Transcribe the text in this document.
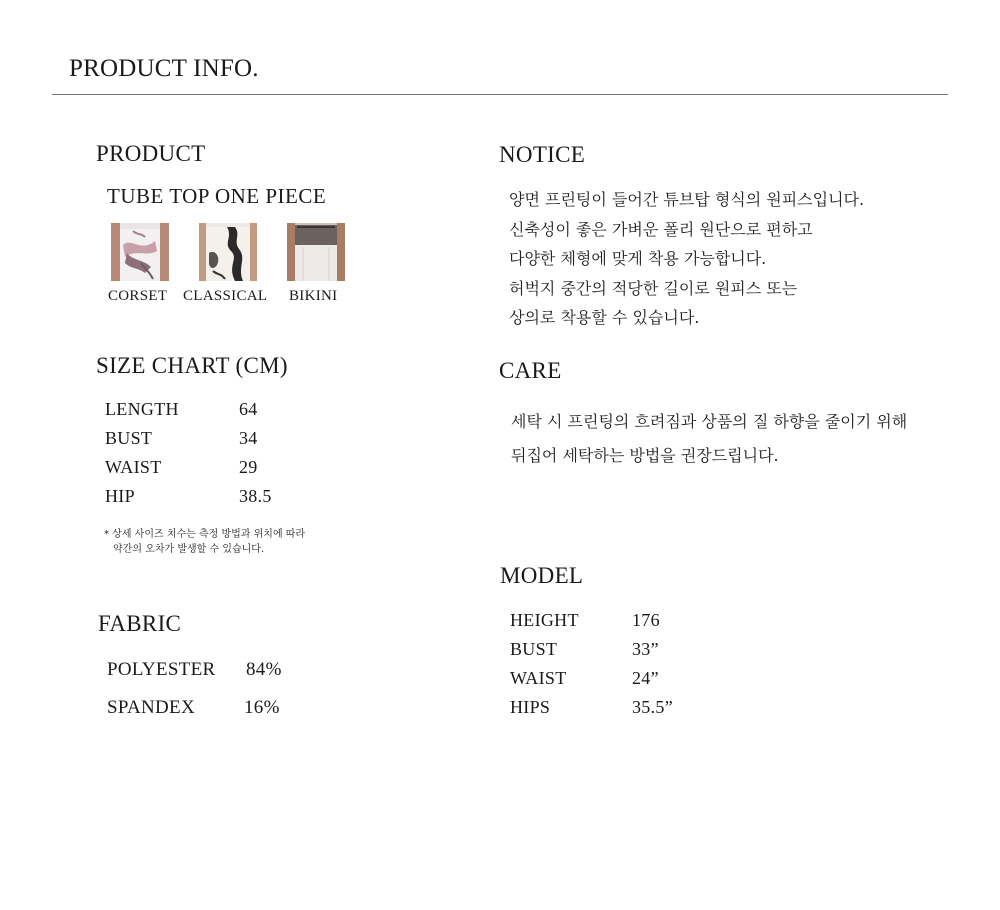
PRODUCT INFO.
PRODUCT
TUBE TOP ONE PIECE
CORSET CLASSICAL BIKINI
SIZE CHART (CM)
LENGTH	64
BUST	34
WAIST	29
HIP	38.5
* 상세 사이즈 치수는 측정 방법과 위치에 따라
약간의 오차가 발생할 수 있습니다.
FABRIC
POLYESTER 84%
SPANDEX	16%
NOTICE
양면 프린팅이 들어간 튜브탑 형식의 원피스입니다.
신축성이 좋은 가벼운 폴리 원단으로 편하고
다양한 체형에 맞게 착용 가능합니다.
허벅지 중간의 적당한 길이로 원피스 또는
상의로 착용할 수 있습니다.
CARE
세탁 시 프린팅의 흐려짐과 상품의 질 하향을 줄이기 위해
뒤집어 세탁하는 방법을 권장드립니다.
MODEL
HEIGHT	176
BUST	33”
WAIST	24”
HIPS	35.5”
